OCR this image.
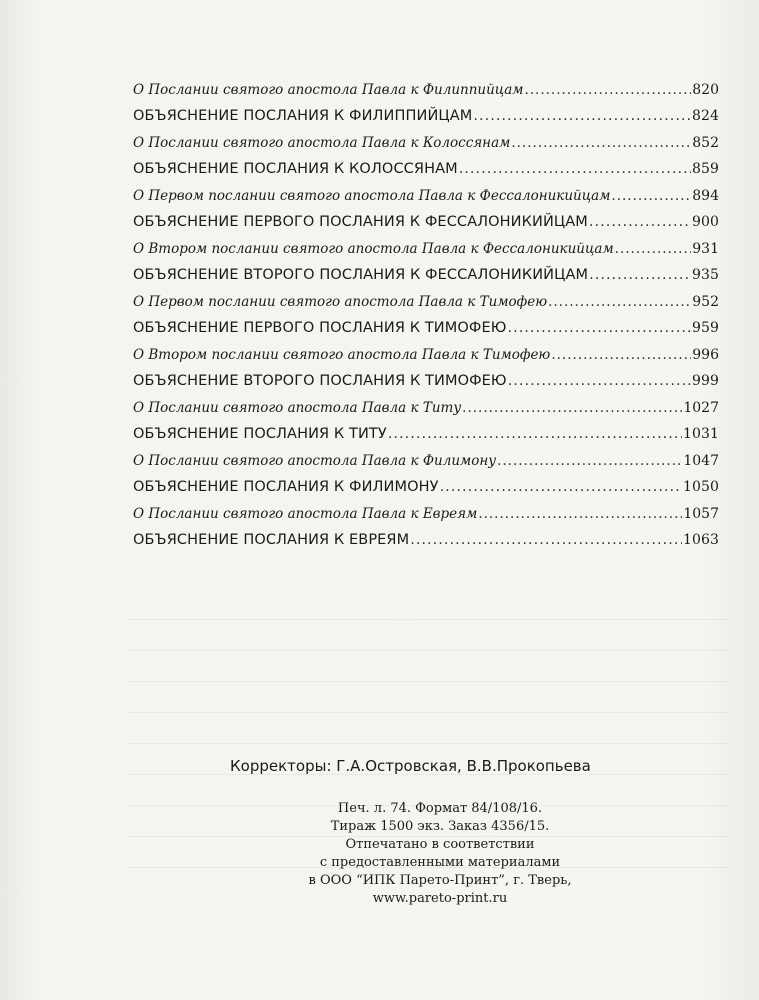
О Послании святого апостола Павла к Филиппийцам .....	820
ОБЪЯСНЕНИЕ ПОСЛАНИЯ К ФИЛИППИЙЦАМ .....	824
О Послании святого апостола Павла к Колоссянам .....	852
ОБЪЯСНЕНИЕ ПОСЛАНИЯ К КОЛОССЯНАМ .....	859
О Первом послании святого апостола Павла к Фессалоникийцам .....	894
ОБЪЯСНЕНИЕ ПЕРВОГО ПОСЛАНИЯ К ФЕССАЛОНИКИЙЦАМ .....	900
О Втором послании святого апостола Павла к Фессалоникийцам .....	931
ОБЪЯСНЕНИЕ ВТОРОГО ПОСЛАНИЯ К ФЕССАЛОНИКИЙЦАМ .....	935
О Первом послании святого апостола Павла к Тимофею .....	952
ОБЪЯСНЕНИЕ ПЕРВОГО ПОСЛАНИЯ К ТИМОФЕЮ .....	959
О Втором послании святого апостола Павла к Тимофею .....	996
ОБЪЯСНЕНИЕ ВТОРОГО ПОСЛАНИЯ К ТИМОФЕЮ .....	999
О Послании святого апостола Павла к Титу .....	1027
ОБЪЯСНЕНИЕ ПОСЛАНИЯ К ТИТУ .....	1031
О Послании святого апостола Павла к Филимону .....	1047
ОБЪЯСНЕНИЕ ПОСЛАНИЯ К ФИЛИМОНУ .....	1050
О Послании святого апостола Павла к Евреям .....	1057
ОБЪЯСНЕНИЕ ПОСЛАНИЯ К ЕВРЕЯМ .....	1063
Корректоры: Г.А.Островская, В.В.Прокопьева
Печ. л. 74. Формат 84/108/16.
Тираж 1500 экз. Заказ 4356/15.
Отпечатано в соответствии
с предоставленными материалами
в ООО “ИПК Парето-Принт”, г. Тверь,
www.pareto-print.ru
